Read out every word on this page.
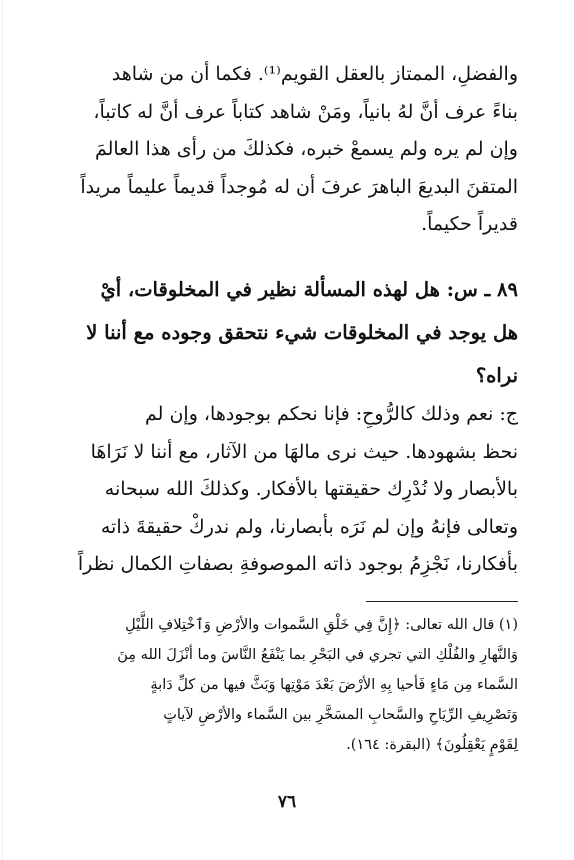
والفضلِ، الممتاز بالعقل القويم⁽¹⁾. فكما أن من شاهد
بناءً عرف أنَّ لهُ بانياً، ومَنْ شاهد كتاباً عرف أنَّ له كاتباً،
وإن لم يره ولم يسمعْ خبره، فكذلكَ من رأى هذا العالمَ
المتقنَ البديعَ الباهرَ عرفَ أن له مُوجداً قديماً عليماً مريداً
قديراً حكيماً.
٨٩ ـ س: هل لهذه المسألة نظير في المخلوقات، أيْ
هل يوجد في المخلوقات شيء نتحقق وجوده مع أننا لا
نراه؟
ج: نعم وذلك كالرُّوحِ: فإنا نحكم بوجودها، وإن لم
نحظ بشهودها. حيث نرى مالهَا من الآثار، مع أننا لا نَرَاهَا
بالأبصار ولا نُدْرِك حقيقتها بالأفكار. وكذلكَ الله سبحانه
وتعالى فإنهُ وإن لم نَرَه بأبصارنا، ولم ندركْ حقيقةَ ذاته
بأفكارنا، نَجْزِمُ بوجود ذاته الموصوفةِ بصفاتِ الكمال نظراً
(١) قال الله تعالى: ﴿إِنَّ فِي خَلْقِ السَّموات والأرْضِ وَٱخْتِلافِ اللَّيْلِ
وَالنَّهارِ والفُلْكِ التي تجري في البَحْرِ بما يَنْفَعُ النَّاسَ وما أنْزَلَ الله مِنَ
السَّماء مِن مَاءٍ فَأحيا بِهِ الأرْضَ بَعْدَ مَوْتِها وَبَثَّ فيها من كلِّ دَابةٍ
وَتَصْرِيفِ الرِّيَاحِ والسَّحابِ المسَخَّرِ بين السَّماء والأرْضِ لآياتٍ
لِقَوْمٍ يَعْقِلُونَ﴾ (البقرة: ١٦٤).
٧٦
